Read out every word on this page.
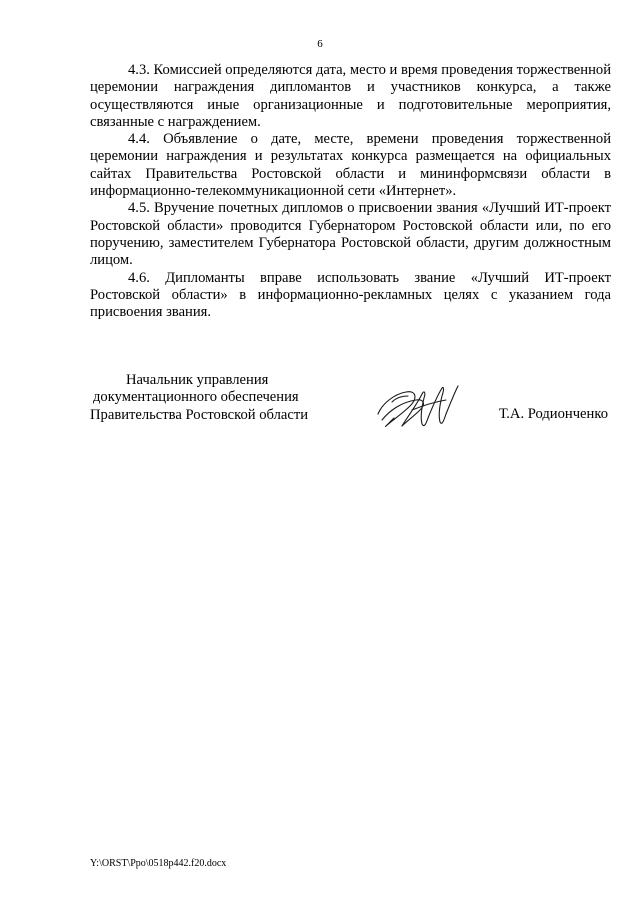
6

4.3. Комиссией определяются дата, место и время проведения торжественной церемонии награждения дипломантов и участников конкурса, а также осуществляются иные организационные и подготовительные мероприятия, связанные с награждением.

4.4. Объявление о дате, месте, времени проведения торжественной церемонии награждения и результатах конкурса размещается на официальных сайтах Правительства Ростовской области и мининформсвязи области в информационно-телекоммуникационной сети «Интернет».

4.5. Вручение почетных дипломов о присвоении звания «Лучший ИТ-проект Ростовской области» проводится Губернатором Ростовской области или, по его поручению, заместителем Губернатора Ростовской области, другим должностным лицом.

4.6. Дипломанты вправе использовать звание «Лучший ИТ-проект Ростовской области» в информационно-рекламных целях с указанием года присвоения звания.

Начальник управления
документационного обеспечения
Правительства Ростовской области	Т.А. Родионченко
Y:\ORST\Ppo\0518p442.f20.docx
